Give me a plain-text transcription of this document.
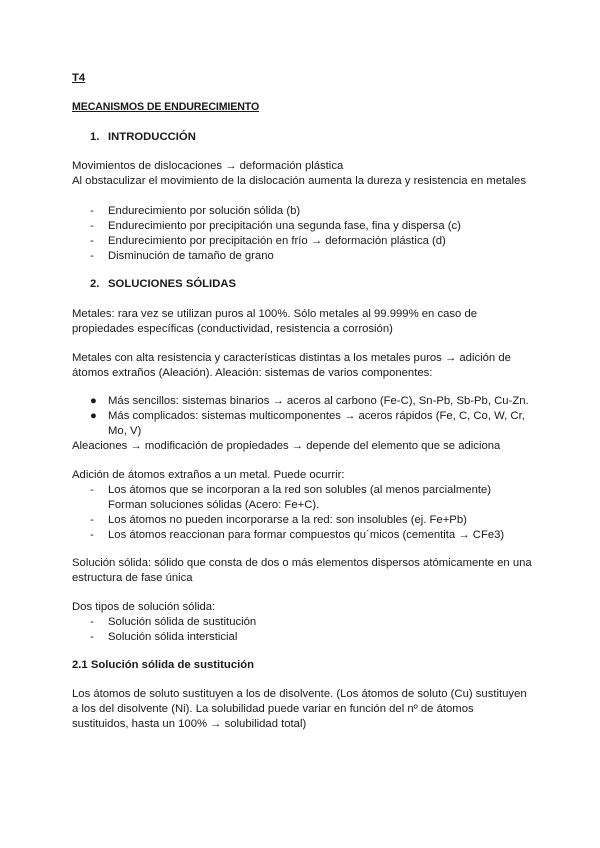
T4
MECANISMOS DE ENDURECIMIENTO
1. INTRODUCCIÓN
Movimientos de dislocaciones → deformación plástica
Al obstaculizar el movimiento de la dislocación aumenta la dureza y resistencia en metales
- Endurecimiento por solución sólida (b)
- Endurecimiento por precipitación una segunda fase, fina y dispersa (c)
- Endurecimiento por precipitación en frío → deformación plástica (d)
- Disminución de tamaño de grano
2. SOLUCIONES SÓLIDAS
Metales: rara vez se utilizan puros al 100%. Sólo metales al 99.999% en caso de propiedades específicas (conductividad, resistencia a corrosión)
Metales con alta resistencia y características distintas a los metales puros → adición de átomos extraños (Aleación). Aleación: sistemas de varios componentes:
● Más sencillos: sistemas binarios → aceros al carbono (Fe-C), Sn-Pb, Sb-Pb, Cu-Zn.
● Más complicados: sistemas multicomponentes → aceros rápidos (Fe, C, Co, W, Cr, Mo, V)
Aleaciones → modificación de propiedades → depende del elemento que se adiciona
Adición de átomos extraños a un metal. Puede ocurrir:
- Los átomos que se incorporan a la red son solubles (al menos parcialmente) Forman soluciones sólidas (Acero: Fe+C).
- Los átomos no pueden incorporarse a la red: son insolubles (ej. Fe+Pb)
- Los átomos reaccionan para formar compuestos qu´micos (cementita → CFe3)
Solución sólida: sólido que consta de dos o más elementos dispersos atómicamente en una estructura de fase única
Dos tipos de solución sólida:
- Solución sólida de sustitución
- Solución sólida intersticial
2.1 Solución sólida de sustitución
Los átomos de soluto sustituyen a los de disolvente. (Los átomos de soluto (Cu) sustituyen a los del disolvente (Ni). La solubilidad puede variar en función del nº de átomos sustituidos, hasta un 100% → solubilidad total)
